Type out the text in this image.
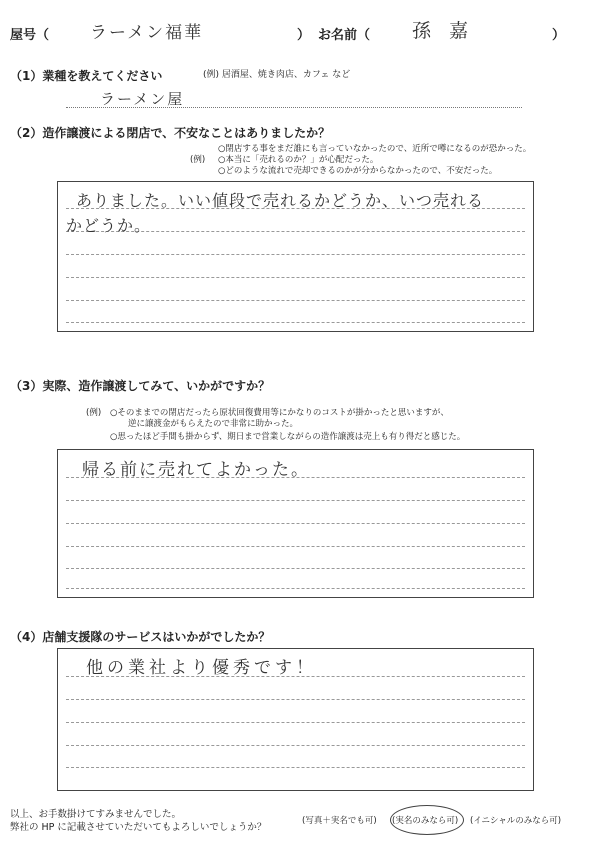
屋号（ ラーメン福華	） お名前（ 孫 嘉	）
（1）業種を教えてください	(例) 居酒屋、焼き肉店、カフェ など
ラーメン屋
（2）造作譲渡による閉店で、不安なことはありましたか？
(例)
○閉店する事をまだ誰にも言っていなかったので、近所で噂になるのが恐かった。
○本当に「売れるのか？」が心配だった。
○どのような流れで売却できるのかが分からなかったので、不安だった。
ありました。いい値段で売れるかどうか、いつ売れる
かどうか。
（3）実際、造作譲渡してみて、いかがですか？
(例) ○そのままでの閉店だったら原状回復費用等にかなりのコストが掛かったと思いますが、
逆に譲渡金がもらえたので非常に助かった。
○思ったほど手間も掛からず、期日まで営業しながらの造作譲渡は売上も有り得だと感じた。
帰る前に売れてよかった。
（4）店舗支援隊のサービスはいかがでしたか？
他の業社より優秀です！
以上、お手数掛けてすみませんでした。
弊社の HP に記載させていただいてもよろしいでしょうか？
(写真＋実名でも可) (実名のみなら可) (イニシャルのみなら可)
